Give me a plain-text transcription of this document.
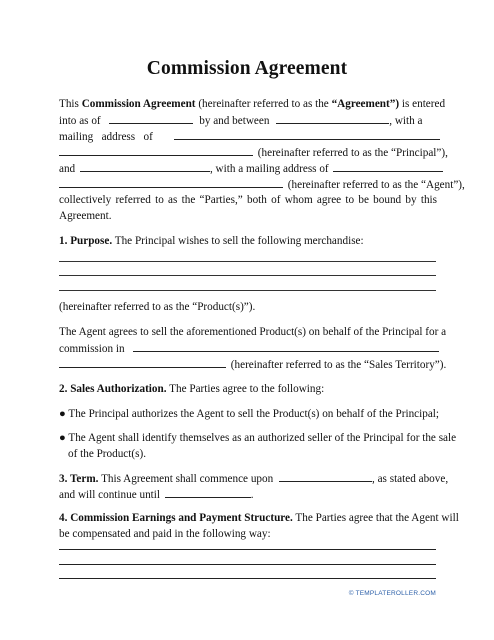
Commission Agreement
This Commission Agreement (hereinafter referred to as the “Agreement”) is entered
into as of	by and between	, with a
mailing   address   of
(hereinafter referred to as the “Principal”),
and	, with a mailing address of
(hereinafter referred to as the “Agent”),
collectively referred to as the “Parties,” both of whom agree to be bound by this
Agreement.
1. Purpose. The Principal wishes to sell the following merchandise:
(hereinafter referred to as the “Product(s)”).
The Agent agrees to sell the aforementioned Product(s) on behalf of the Principal for a
commission in
(hereinafter referred to as the “Sales Territory”).
2. Sales Authorization. The Parties agree to the following:
● The Principal authorizes the Agent to sell the Product(s) on behalf of the Principal;
● The Agent shall identify themselves as an authorized seller of the Principal for the sale
of the Product(s).
3. Term. This Agreement shall commence upon	, as stated above,
and will continue until	.
4. Commission Earnings and Payment Structure. The Parties agree that the Agent will
be compensated and paid in the following way:
© TEMPLATEROLLER.COM
